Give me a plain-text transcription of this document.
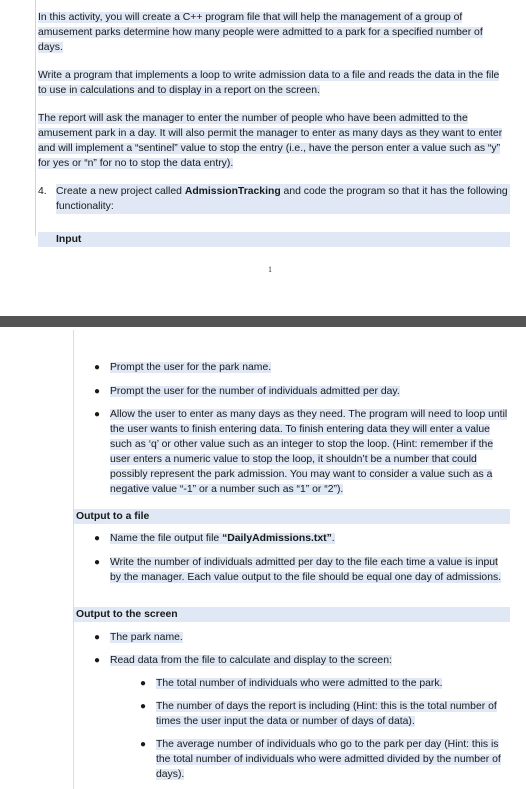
In this activity, you will create a C++ program file that will help the management of a group of amusement parks determine how many people were admitted to a park for a specified number of days.

Write a program that implements a loop to write admission data to a file and reads the data in the file to use in calculations and to display in a report on the screen.

The report will ask the manager to enter the number of people who have been admitted to the amusement park in a day. It will also permit the manager to enter as many days as they want to enter and will implement a “sentinel” value to stop the entry (i.e., have the person enter a value such as “y” for yes or “n” for no to stop the data entry).

4. Create a new project called AdmissionTracking and code the program so that it has the following functionality:
Input
1
● Prompt the user for the park name.
● Prompt the user for the number of individuals admitted per day.
● Allow the user to enter as many days as they need. The program will need to loop until the user wants to finish entering data. To finish entering data they will enter a value such as ‘q’ or other value such as an integer to stop the loop. (Hint: remember if the user enters a numeric value to stop the loop, it shouldn’t be a number that could possibly represent the park admission. You may want to consider a value such as a negative value “-1” or a number such as “1” or “2”).
Output to a file
● Name the file output file “DailyAdmissions.txt”.
● Write the number of individuals admitted per day to the file each time a value is input by the manager. Each value output to the file should be equal one day of admissions.
Output to the screen
● The park name.
● Read data from the file to calculate and display to the screen:
● The total number of individuals who were admitted to the park.
● The number of days the report is including (Hint: this is the total number of times the user input the data or number of days of data).
● The average number of individuals who go to the park per day (Hint: this is the total number of individuals who were admitted divided by the number of days).
